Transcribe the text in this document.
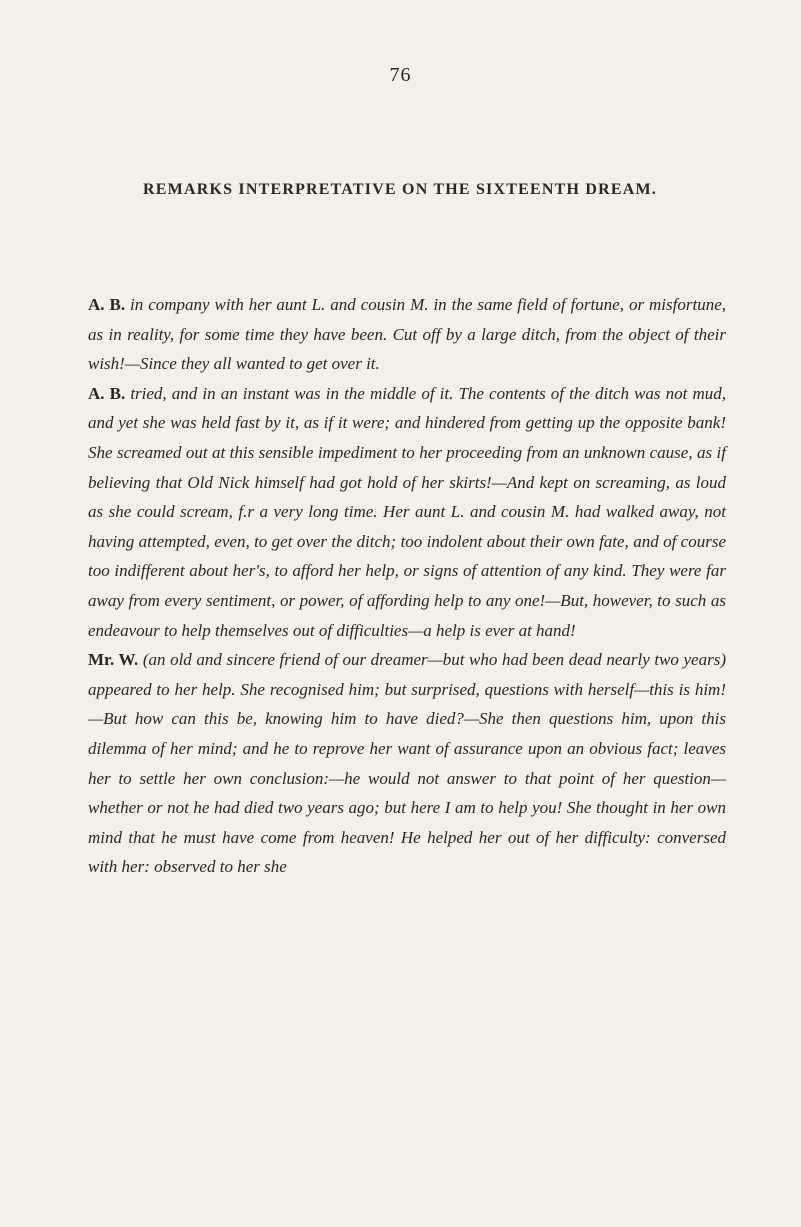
76
REMARKS INTERPRETATIVE ON THE SIXTEENTH DREAM.

A. B. in company with her aunt L. and cousin M. in the same field of fortune, or misfortune, as in reality, for some time they have been. Cut off by a large ditch, from the object of their wish!—Since they all wanted to get over it.

A. B. tried, and in an instant was in the middle of it. The contents of the ditch was not mud, and yet she was held fast by it, as if it were; and hindered from getting up the opposite bank! She screamed out at this sensible impediment to her proceeding from an unknown cause, as if believing that Old Nick himself had got hold of her skirts!—And kept on screaming, as loud as she could scream, f.r a very long time. Her aunt L. and cousin M. had walked away, not having attempted, even, to get over the ditch; too indolent about their own fate, and of course too indifferent about her's, to afford her help, or signs of attention of any kind. They were far away from every sentiment, or power, of affording help to any one!—But, however, to such as endeavour to help themselves out of difficulties—a help is ever at hand!

Mr. W. (an old and sincere friend of our dreamer—but who had been dead nearly two years) appeared to her help. She recognised him; but surprised, questions with herself—this is him!—But how can this be, knowing him to have died?—She then questions him, upon this dilemma of her mind; and he to reprove her want of assurance upon an obvious fact; leaves her to settle her own conclusion:—he would not answer to that point of her question—whether or not he had died two years ago; but here I am to help you! She thought in her own mind that he must have come from heaven! He helped her out of her difficulty: conversed with her: observed to her she
